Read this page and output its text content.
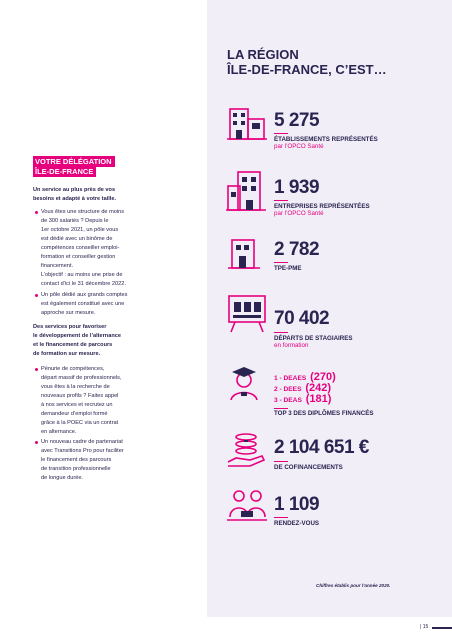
LA RÉGION
ÎLE-DE-FRANCE, C’EST…
5 275
ÉTABLISSEMENTS REPRÉSENTÉS
par l’OPCO Santé
1 939
ENTREPRISES REPRÉSENTÉES
par l’OPCO Santé
2 782
TPE-PME
70 402
DÉPARTS DE STAGIAIRES
en formation
1 - DEAES (270)
2 - DEES (242)
3 - DEAS (181)
TOP 3 DES DIPLÔMES FINANCÉS
2 104 651 €
DE COFINANCEMENTS
1 109
RENDEZ-VOUS
Chiffres établis pour l’année 2020.
| 15
VOTRE DÉLÉGATION
ÎLE-DE-FRANCE
Un service au plus près de vos
besoins et adapté à votre taille.
Vous êtes une structure de moins
de 300 salariés ? Depuis le
1er octobre 2021, un pôle vous
est dédié avec un binôme de
compétences conseiller emploi-
formation et conseiller gestion
financement.
L’objectif : au moins une prise de
contact d’ici le 31 décembre 2022.
Un pôle dédié aux grands comptes
est également constitué avec une
approche sur mesure.
Des services pour favoriser
le développement de l’alternance
et le financement de parcours
de formation sur mesure.
Pénurie de compétences,
départ massif de professionnels,
vous êtes à la recherche de
nouveaux profils ? Faites appel
à nos services et recrutez un
demandeur d’emploi formé
grâce à la POEC via un contrat
en alternance.
Un nouveau cadre de partenariat
avec Transitions Pro pour faciliter
le financement des parcours
de transition professionnelle
de longue durée.
